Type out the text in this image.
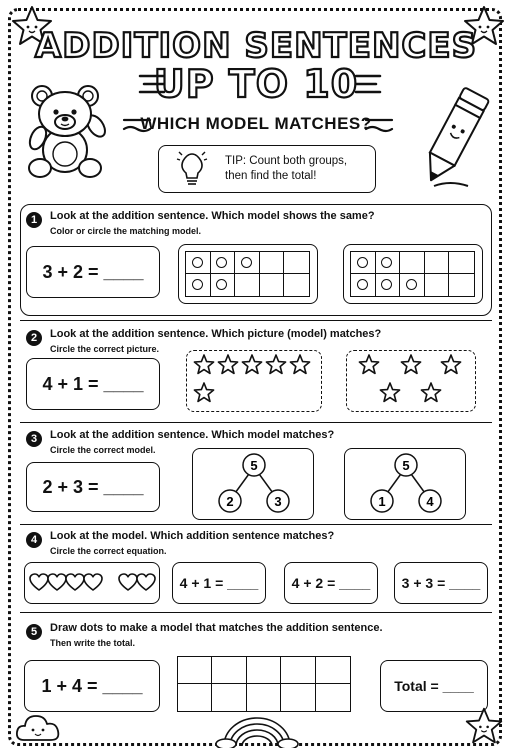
ADDITION SENTENCES
UP TO 10
WHICH MODEL MATCHES?
TIP: Count both groups,
then find the total!
1	Look at the addition sentence. Which model shows the same?
Color or circle the matching model.
3 + 2 = ____
2	Look at the addition sentence. Which picture (model) matches?
Circle the correct picture.
4 + 1 = ____
3	Look at the addition sentence. Which model matches?
Circle the correct model.
2 + 3 = ____
5
2	3
5
1	4
4	Look at the model. Which addition sentence matches?
Circle the correct equation.
4 + 1 = ____	4 + 2 = ____	3 + 3 = ____
5	Draw dots to make a model that matches the addition sentence.
Then write the total.
1 + 4 = ____	Total = ____
